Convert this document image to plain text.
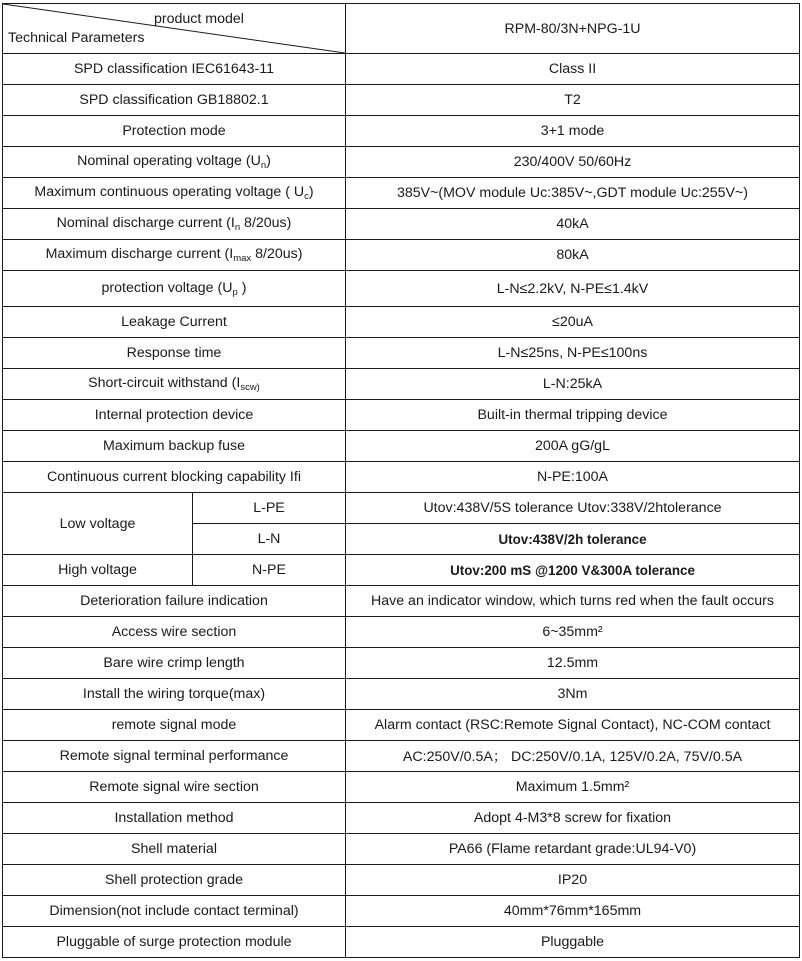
product model
Technical Parameters		RPM-80/3N+NPG-1U
SPD classification IEC61643-11		Class II
SPD classification GB18802.1		T2
Protection mode		3+1 mode
Nominal operating voltage $(U_n)$		230/400V 50/60Hz
Maximum continuous operating voltage ( $U_c$)		385V~(MOV module Uc:385V~,GDT module Uc:255V~)
Nominal discharge current ($I_n$ 8/20us)		40kA
Maximum discharge current ($I_{max}$ 8/20us)		80kA
protection voltage ($U_p$ )		L-N≤2.2kV, N-PE≤1.4kV
Leakage Current		≤20uA
Response time		L-N≤25ns, N-PE≤100ns
Short-circuit withstand ($I_{scw)}$		L-N:25kA
Internal protection device		Built-in thermal tripping device
Maximum backup fuse		200A gG/gL
Continuous current blocking capability Ifi		N-PE:100A
Low voltage	L-PE	Utov:438V/5S tolerance Utov:338V/2htolerance
	L-N	Utov:438V/2h tolerance
High voltage	N-PE	Utov:200 mS @1200 V&300A tolerance
Deterioration failure indication		Have an indicator window, which turns red when the fault occurs
Access wire section		6~35mm²
Bare wire crimp length		12.5mm
Install the wiring torque(max)		3Nm
remote signal mode		Alarm contact (RSC:Remote Signal Contact), NC-COM contact
Remote signal terminal performance		AC:250V/0.5A； DC:250V/0.1A, 125V/0.2A, 75V/0.5A
Remote signal wire section		Maximum 1.5mm²
Installation method		Adopt 4-M3*8 screw for fixation
Shell material		PA66 (Flame retardant grade:UL94-V0)
Shell protection grade		IP20
Dimension(not include contact terminal)		40mm*76mm*165mm
Pluggable of surge protection module		Pluggable
